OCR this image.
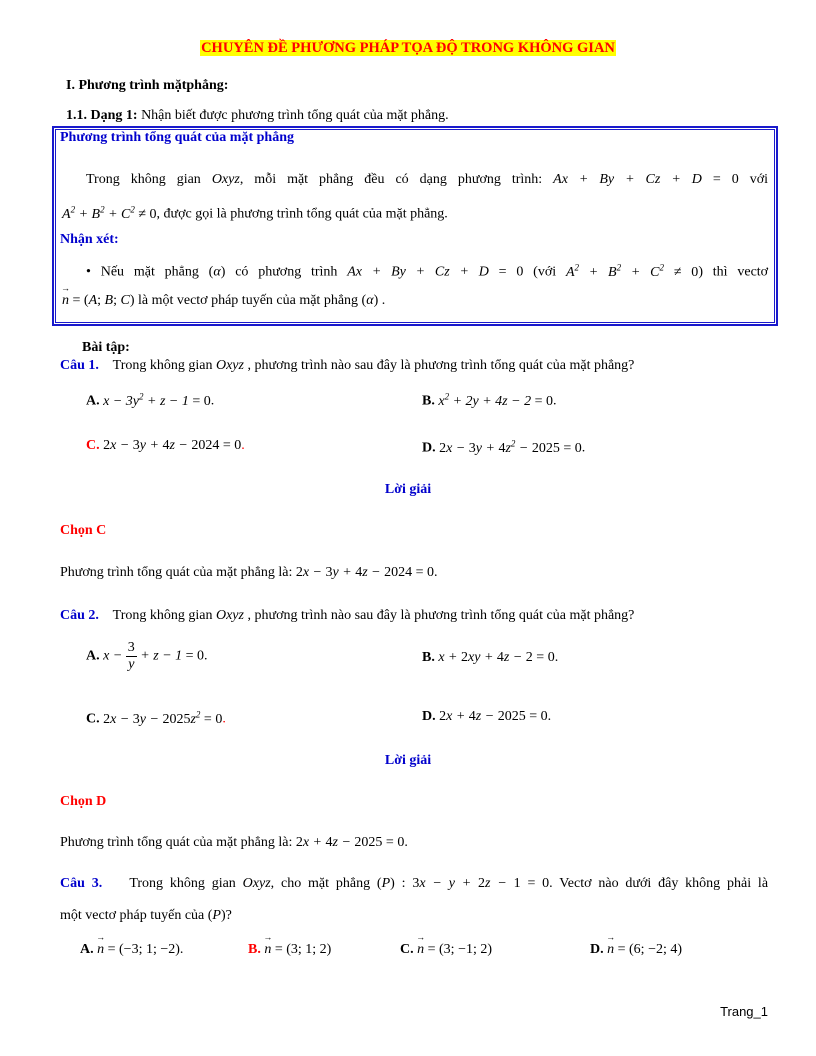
CHUYÊN ĐỀ PHƯƠNG PHÁP TỌA ĐỘ TRONG KHÔNG GIAN
I. Phương trình mặtphẳng:
1.1. Dạng 1: Nhận biết được phương trình tổng quát của mặt phẳng.
Phương trình tổng quát của mặt phẳng
Trong không gian Oxyz, mỗi mặt phẳng đều có dạng phương trình: Ax + By + Cz + D = 0 với
$A^2 + B^2 + C^2 \ne 0$, được gọi là phương trình tổng quát của mặt phẳng.
Nhận xét:
• Nếu mặt phẳng (α) có phương trình Ax + By + Cz + D = 0 (với $A^2 + B^2 + C^2 \ne 0$) thì vectơ
→ n = (A; B; C) là một vectơ pháp tuyến của mặt phẳng (α) .
Bài tập:
Câu 1. Trong không gian Oxyz , phương trình nào sau đây là phương trình tổng quát của mặt phẳng?
A. $x - 3y^2 + z - 1 = 0$.	B. $x^2 + 2y + 4z - 2 = 0$.
C. 2x − 3y + 4z − 2024 = 0.	D. $2x - 3y + 4z^2 - 2025 = 0$.
Lời giải
Chọn C
Phương trình tổng quát của mặt phẳng là: 2x − 3y + 4z − 2024 = 0.
Câu 2. Trong không gian Oxyz , phương trình nào sau đây là phương trình tổng quát của mặt phẳng?
A. $x - \frac{3}{y} + z - 1 = 0$.	B. x + 2xy + 4z − 2 = 0.
C. $2x - 3y - 2025z^2 = 0$.	D. 2x + 4z − 2025 = 0.
Lời giải
Chọn D
Phương trình tổng quát của mặt phẳng là: 2x + 4z − 2025 = 0.
Câu 3. Trong không gian Oxyz, cho mặt phẳng (P) : 3x − y + 2z − 1 = 0. Vectơ nào dưới đây không phải là
một vectơ pháp tuyến của (P)?
A. → n = (−3; 1; −2).	B. → n = (3; 1; 2)	C. → n = (3; −1; 2)	D. → n = (6; −2; 4)
Trang_1
